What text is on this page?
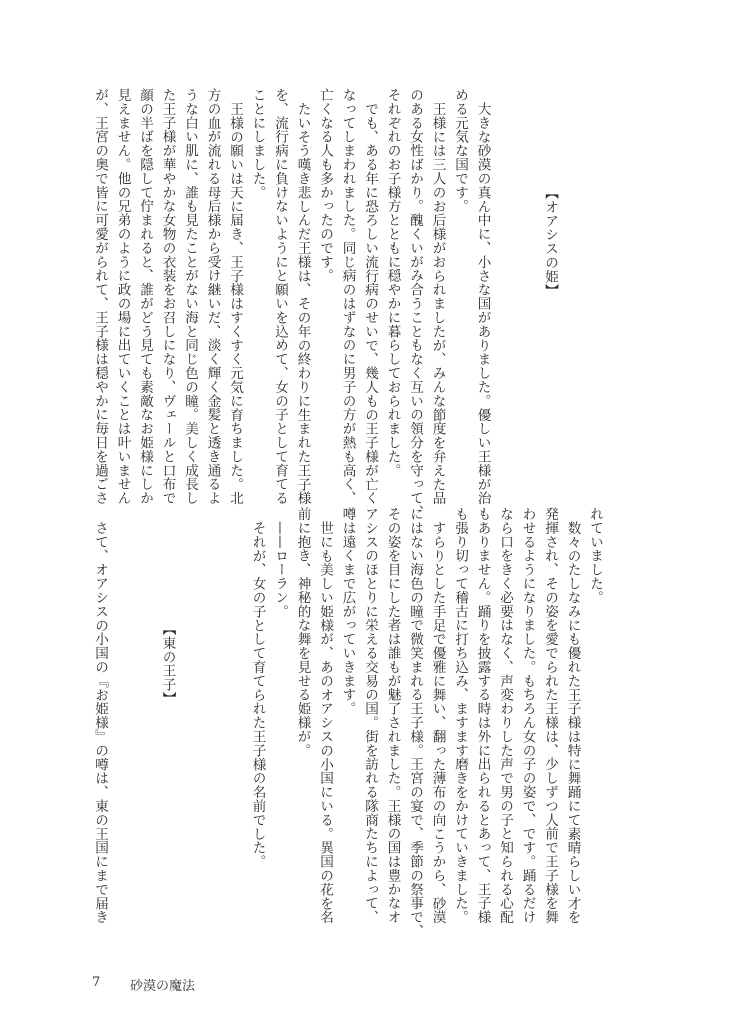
【オアシスの姫】
大きな砂漠の真ん中に、小さな国がありました。優しい王様が治
める元気な国です。
王様には三人のお后様がおられましたが、みんな節度を弁えた品
のある女性ばかり。醜くいがみ合うこともなく互いの領分を守って、
それぞれのお子様方とともに穏やかに暮らしておられました。
でも、ある年に恐ろしい流行病のせいで、幾人もの王子様が亡く
なってしまわれました。同じ病のはずなのに男子の方が熱も高く、
亡くなる人も多かったのです。
たいそう嘆き悲しんだ王様は、その年の終わりに生まれた王子様
を、流行病に負けないようにと願いを込めて、女の子として育てる
ことにしました。
王様の願いは天に届き、王子様はすくすく元気に育ちました。北
方の血が流れる母后様から受け継いだ、淡く輝く金髪と透き通るよ
うな白い肌に、誰も見たことがない海と同じ色の瞳。美しく成長し
た王子様が華やかな女物の衣装をお召しになり、ヴェールと口布で
顔の半ばを隠して佇まれると、誰がどう見ても素敵なお姫様にしか
見えません。他の兄弟のように政の場に出ていくことは叶いません
が、王宮の奥で皆に可愛がられて、王子様は穏やかに毎日を過ごさ
れていました。
数々のたしなみにも優れた王子様は特に舞踊にて素晴らしい才を
発揮され、その姿を愛でられた王様は、少しずつ人前で王子様を舞
わせるようになりました。もちろん女の子の姿で、です。踊るだけ
なら口をきく必要はなく、声変わりした声で男の子と知られる心配
もありません。踊りを披露する時は外に出られるとあって、王子様
も張り切って稽古に打ち込み、ますます磨きをかけていきました。
すらりとした手足で優雅に舞い、翻った薄布の向こうから、砂漠
にはない海色の瞳で微笑まれる王子様。王宮の宴で、季節の祭事で、
その姿を目にした者は誰もが魅了されました。王様の国は豊かなオ
アシスのほとりに栄える交易の国。街を訪れる隊商たちによって、
噂は遠くまで広がっていきます。
世にも美しい姫様が、あのオアシスの小国にいる。異国の花を名
前に抱き、神秘的な舞を見せる姫様が。
——ローラン。
それが、女の子として育てられた王子様の名前でした。
【東の王子】
さて、オアシスの小国の『お姫様』の噂は、東の王国にまで届き
7 砂漠の魔法
